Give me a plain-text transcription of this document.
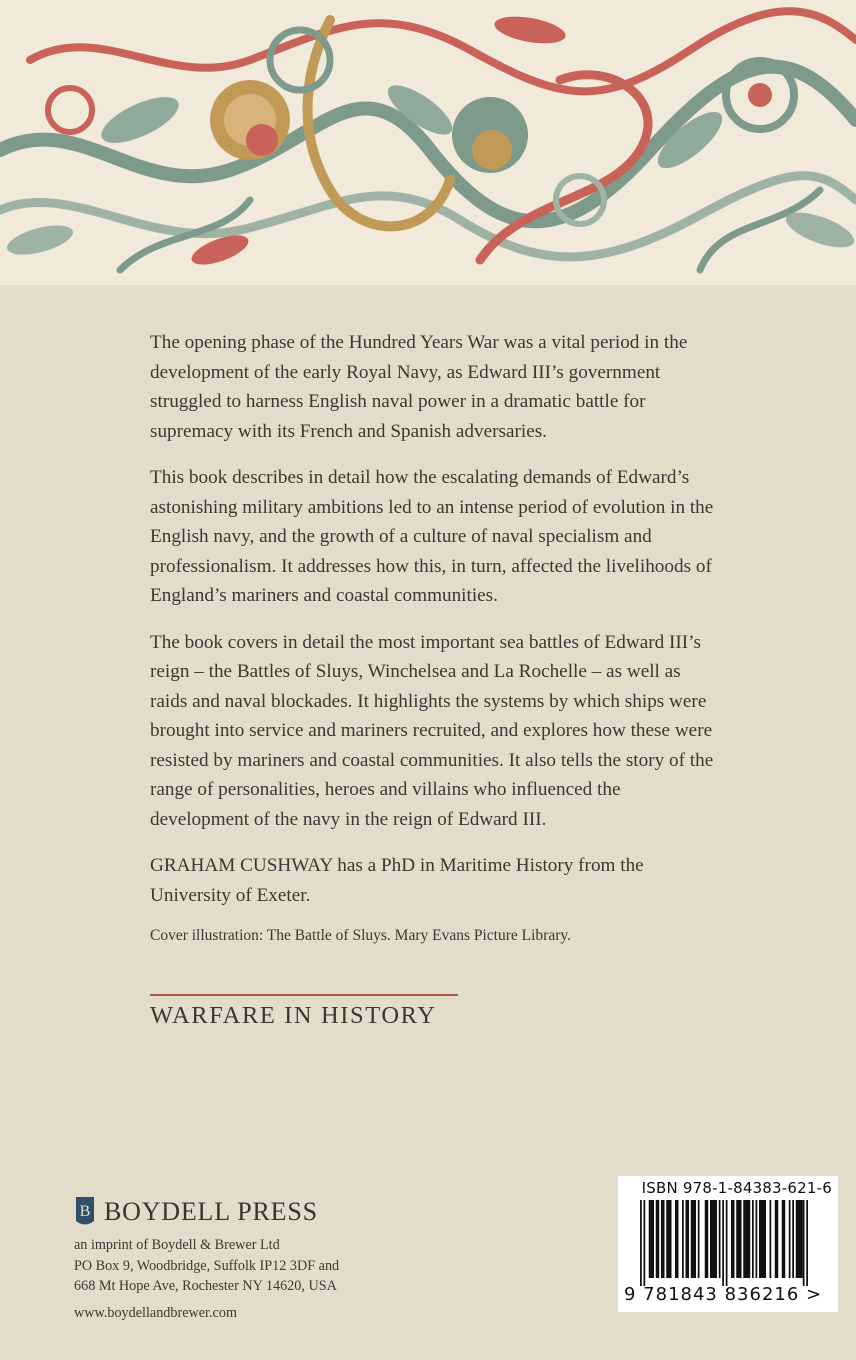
The opening phase of the Hundred Years War was a vital period in the development of the early Royal Navy, as Edward III’s government struggled to harness English naval power in a dramatic battle for supremacy with its French and Spanish adversaries.

This book describes in detail how the escalating demands of Edward’s astonishing military ambitions led to an intense period of evolution in the English navy, and the growth of a culture of naval specialism and professionalism. It addresses how this, in turn, affected the livelihoods of England’s mariners and coastal communities.

The book covers in detail the most important sea battles of Edward III’s reign – the Battles of Sluys, Winchelsea and La Rochelle – as well as raids and naval blockades. It highlights the systems by which ships were brought into service and mariners recruited, and explores how these were resisted by mariners and coastal communities. It also tells the story of the range of personalities, heroes and villains who influenced the development of the navy in the reign of Edward III.

GRAHAM CUSHWAY has a PhD in Maritime History from the University of Exeter.

Cover illustration: The Battle of Sluys. Mary Evans Picture Library.

WARFARE IN HISTORY
B BOYDELL PRESS
an imprint of Boydell & Brewer Ltd
PO Box 9, Woodbridge, Suffolk IP12 3DF and
668 Mt Hope Ave, Rochester NY 14620, USA
www.boydellandbrewer.com
ISBN 978-1-84383-621-6
9 781843 836216 >
